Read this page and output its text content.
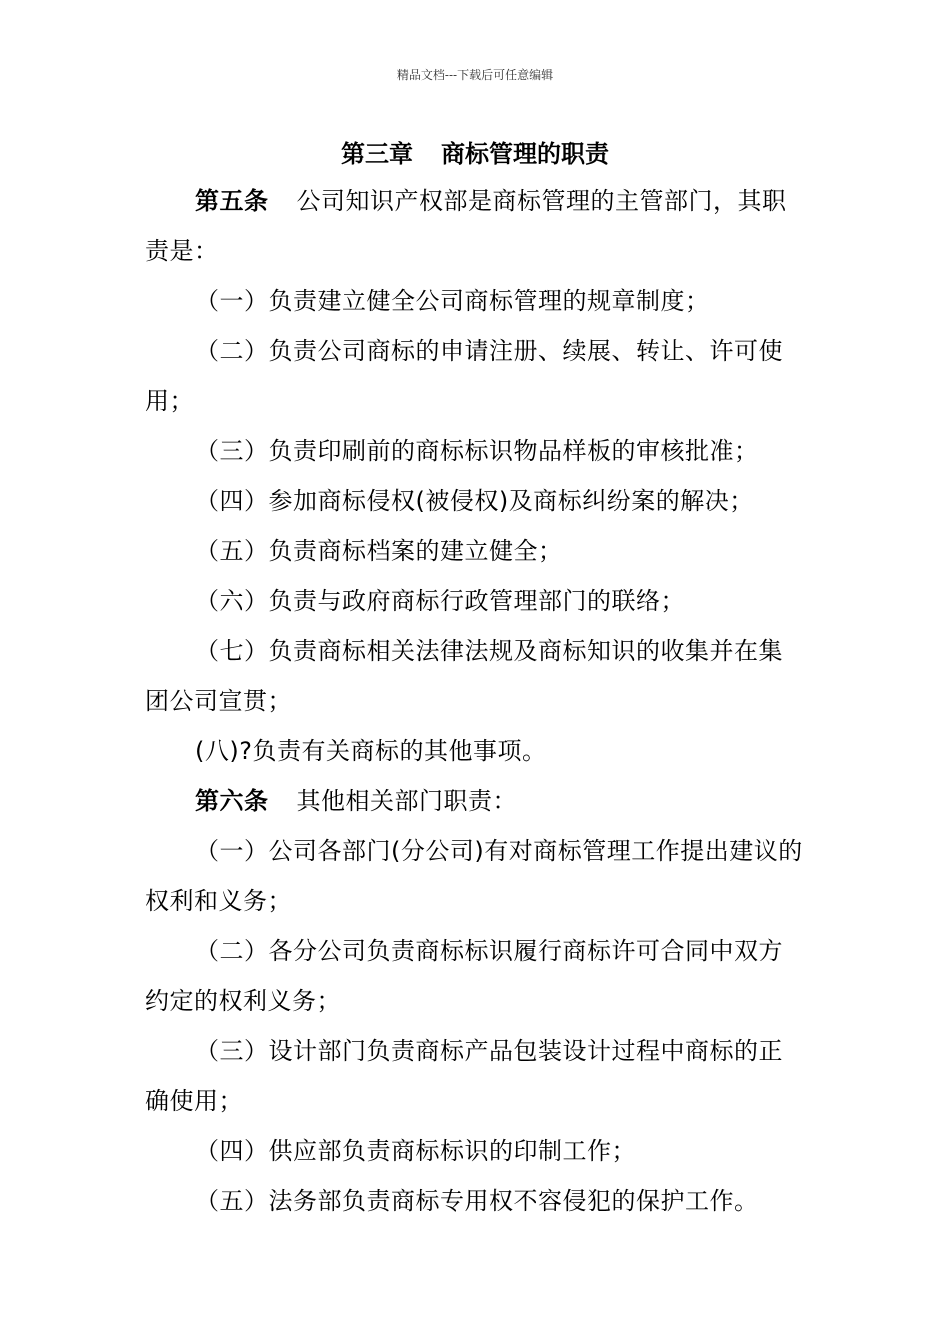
精品文档---下载后可任意编辑
第三章 商标管理的职责

第五条 公司知识产权部是商标管理的主管部门，其职责是：

（一）负责建立健全公司商标管理的规章制度；

（二）负责公司商标的申请注册、续展、转让、许可使用；

（三）负责印刷前的商标标识物品样板的审核批准；

（四）参加商标侵权(被侵权)及商标纠纷案的解决；

（五）负责商标档案的建立健全；

（六）负责与政府商标行政管理部门的联络；

（七）负责商标相关法律法规及商标知识的收集并在集团公司宣贯；

(八)?负责有关商标的其他事项。

第六条 其他相关部门职责：

（一）公司各部门(分公司)有对商标管理工作提出建议的权利和义务；

（二）各分公司负责商标标识履行商标许可合同中双方约定的权利义务；

（三）设计部门负责商标产品包装设计过程中商标的正确使用；

（四）供应部负责商标标识的印制工作；

（五）法务部负责商标专用权不容侵犯的保护工作。
